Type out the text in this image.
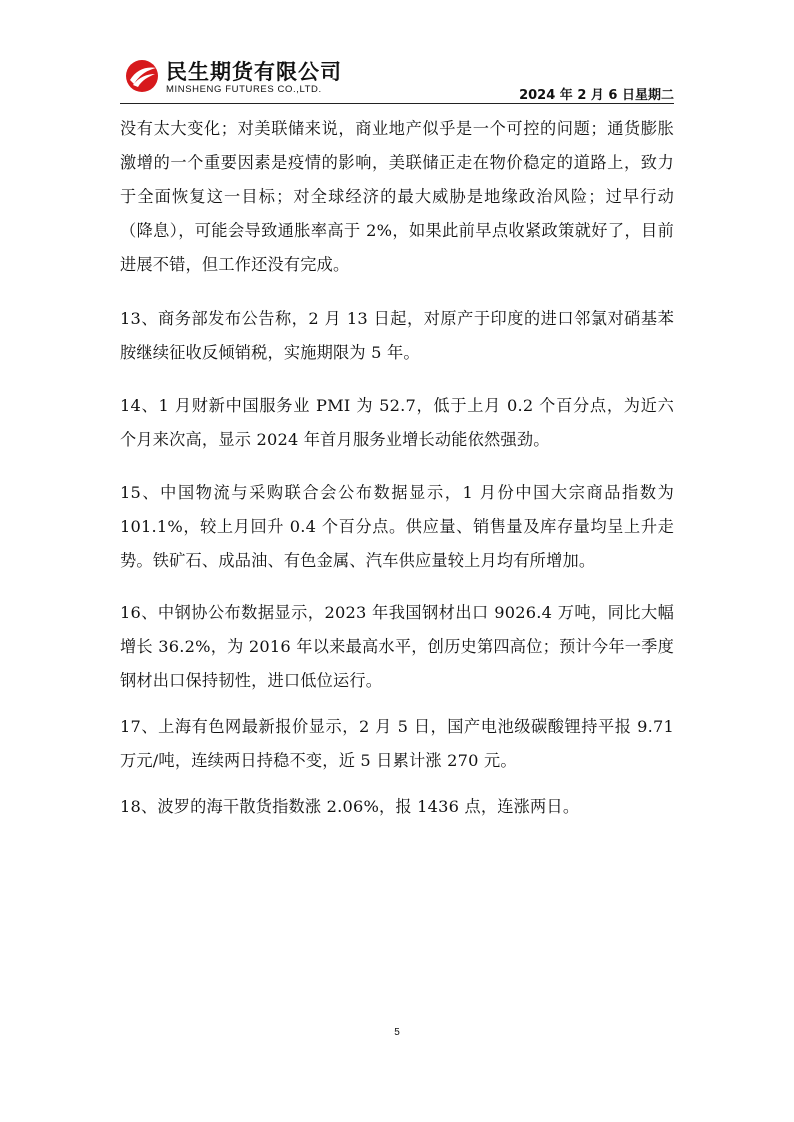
民生期货有限公司
MINSHENG FUTURES CO.,LTD.	2024 年 2 月 6 日星期二

没有太大变化；对美联储来说，商业地产似乎是一个可控的问题；通货膨胀激增的一个重要因素是疫情的影响，美联储正走在物价稳定的道路上，致力于全面恢复这一目标；对全球经济的最大威胁是地缘政治风险；过早行动（降息），可能会导致通胀率高于 2%，如果此前早点收紧政策就好了，目前进展不错，但工作还没有完成。

13、商务部发布公告称，2 月 13 日起，对原产于印度的进口邻氯对硝基苯胺继续征收反倾销税，实施期限为 5 年。

14、1 月财新中国服务业 PMI 为 52.7，低于上月 0.2 个百分点，为近六个月来次高，显示 2024 年首月服务业增长动能依然强劲。

15、中国物流与采购联合会公布数据显示，1 月份中国大宗商品指数为 101.1%，较上月回升 0.4 个百分点。供应量、销售量及库存量均呈上升走势。铁矿石、成品油、有色金属、汽车供应量较上月均有所增加。

16、中钢协公布数据显示，2023 年我国钢材出口 9026.4 万吨，同比大幅增长 36.2%，为 2016 年以来最高水平，创历史第四高位；预计今年一季度钢材出口保持韧性，进口低位运行。

17、上海有色网最新报价显示，2 月 5 日，国产电池级碳酸锂持平报 9.71 万元/吨，连续两日持稳不变，近 5 日累计涨 270 元。

18、波罗的海干散货指数涨 2.06%，报 1436 点，连涨两日。

5
